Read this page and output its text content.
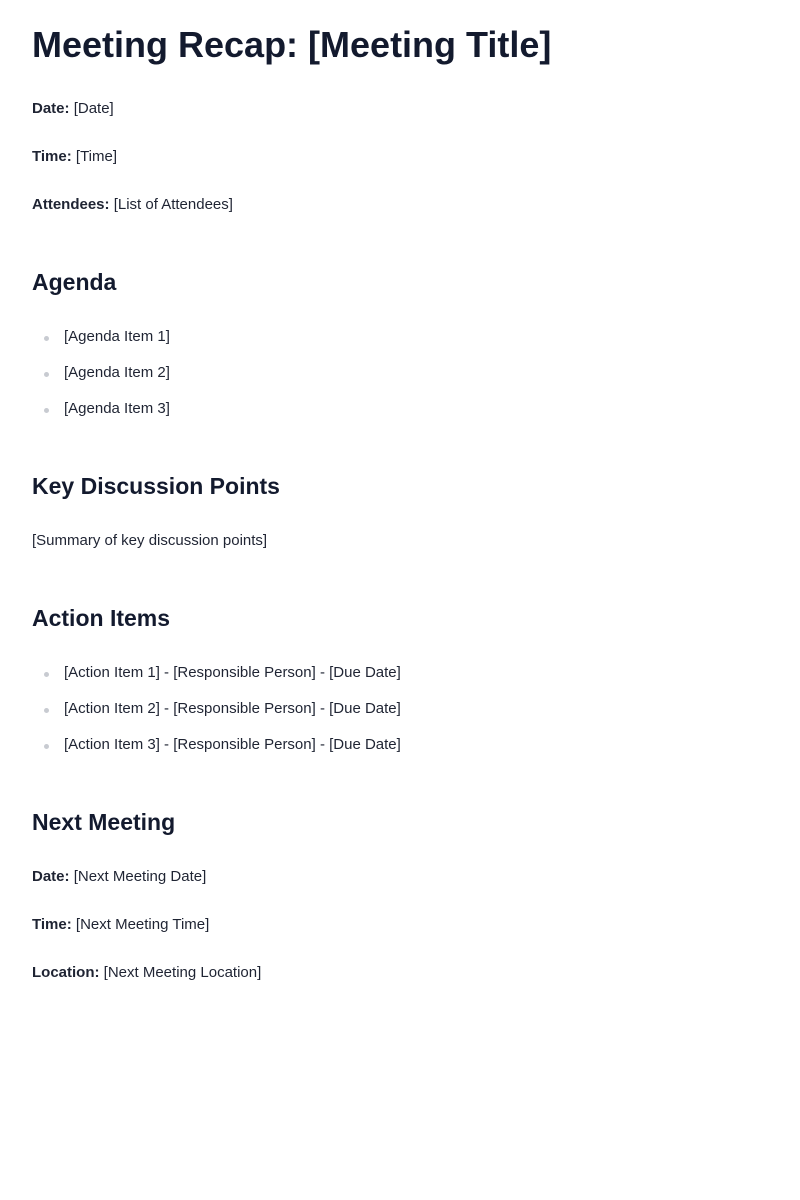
Meeting Recap: [Meeting Title]
Date: [Date]
Time: [Time]
Attendees: [List of Attendees]
Agenda
[Agenda Item 1]
[Agenda Item 2]
[Agenda Item 3]
Key Discussion Points

[Summary of key discussion points]

Action Items
[Action Item 1] - [Responsible Person] - [Due Date]
[Action Item 2] - [Responsible Person] - [Due Date]
[Action Item 3] - [Responsible Person] - [Due Date]
Next Meeting
Date: [Next Meeting Date]
Time: [Next Meeting Time]
Location: [Next Meeting Location]
